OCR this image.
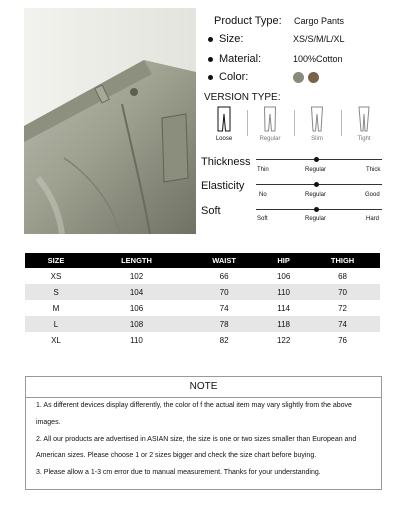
Product Type:	Cargo Pants
Size:	XS/S/M/L/XL
Material:	100%Cotton
Color:
VERSION TYPE:
Loose	Regular	Slim	Tight
Thickness
Thin	Regular	Thick
Elasticity
No	Regular	Good
Soft
Soft	Regular	Hard
SIZE	LENGTH	WAIST	HIP	THIGH
XS	102	66	106	68
S	104	70	110	70
M	106	74	114	72
L	108	78	118	74
XL	110	82	122	76
NOTE

1. As different devices display differently, the color of f the actual item may vary slightly from the above

images.

2. All our products are advertised in ASIAN size, the size is one or two sizes smaller than European and

American sizes. Please choose 1 or 2 sizes bigger and check the size chart before buying.

3. Please allow a 1-3 cm error due to manual measurement. Thanks for your understanding.
